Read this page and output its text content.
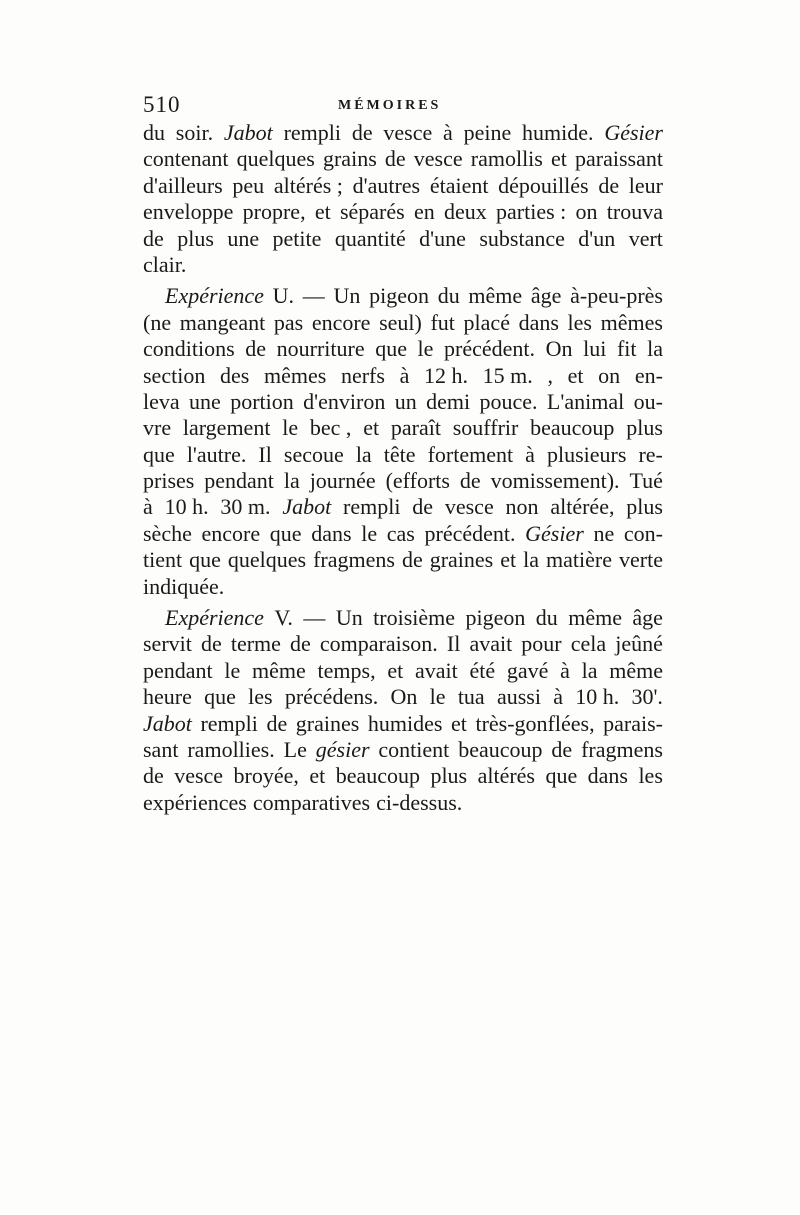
510	MÉMOIRES
du soir. Jabot rempli de vesce à peine humide. Gésier
contenant quelques grains de vesce ramollis et paraissant
d'ailleurs peu altérés ; d'autres étaient dépouillés de leur
enveloppe propre, et séparés en deux parties : on trouva
de plus une petite quantité d'une substance d'un vert
clair.
Expérience U. — Un pigeon du même âge à-peu-près
(ne mangeant pas encore seul) fut placé dans les mêmes
conditions de nourriture que le précédent. On lui fit la
section des mêmes nerfs à 12 h. 15 m. , et on en-
leva une portion d'environ un demi pouce. L'animal ou-
vre largement le bec , et paraît souffrir beaucoup plus
que l'autre. Il secoue la tête fortement à plusieurs re-
prises pendant la journée (efforts de vomissement). Tué
à 10 h. 30 m. Jabot rempli de vesce non altérée, plus
sèche encore que dans le cas précédent. Gésier ne con-
tient que quelques fragmens de graines et la matière verte
indiquée.
Expérience V. — Un troisième pigeon du même âge
servit de terme de comparaison. Il avait pour cela jeûné
pendant le même temps, et avait été gavé à la même
heure que les précédens. On le tua aussi à 10 h. 30'.
Jabot rempli de graines humides et très-gonflées, parais-
sant ramollies. Le gésier contient beaucoup de fragmens
de vesce broyée, et beaucoup plus altérés que dans les
expériences comparatives ci-dessus.
